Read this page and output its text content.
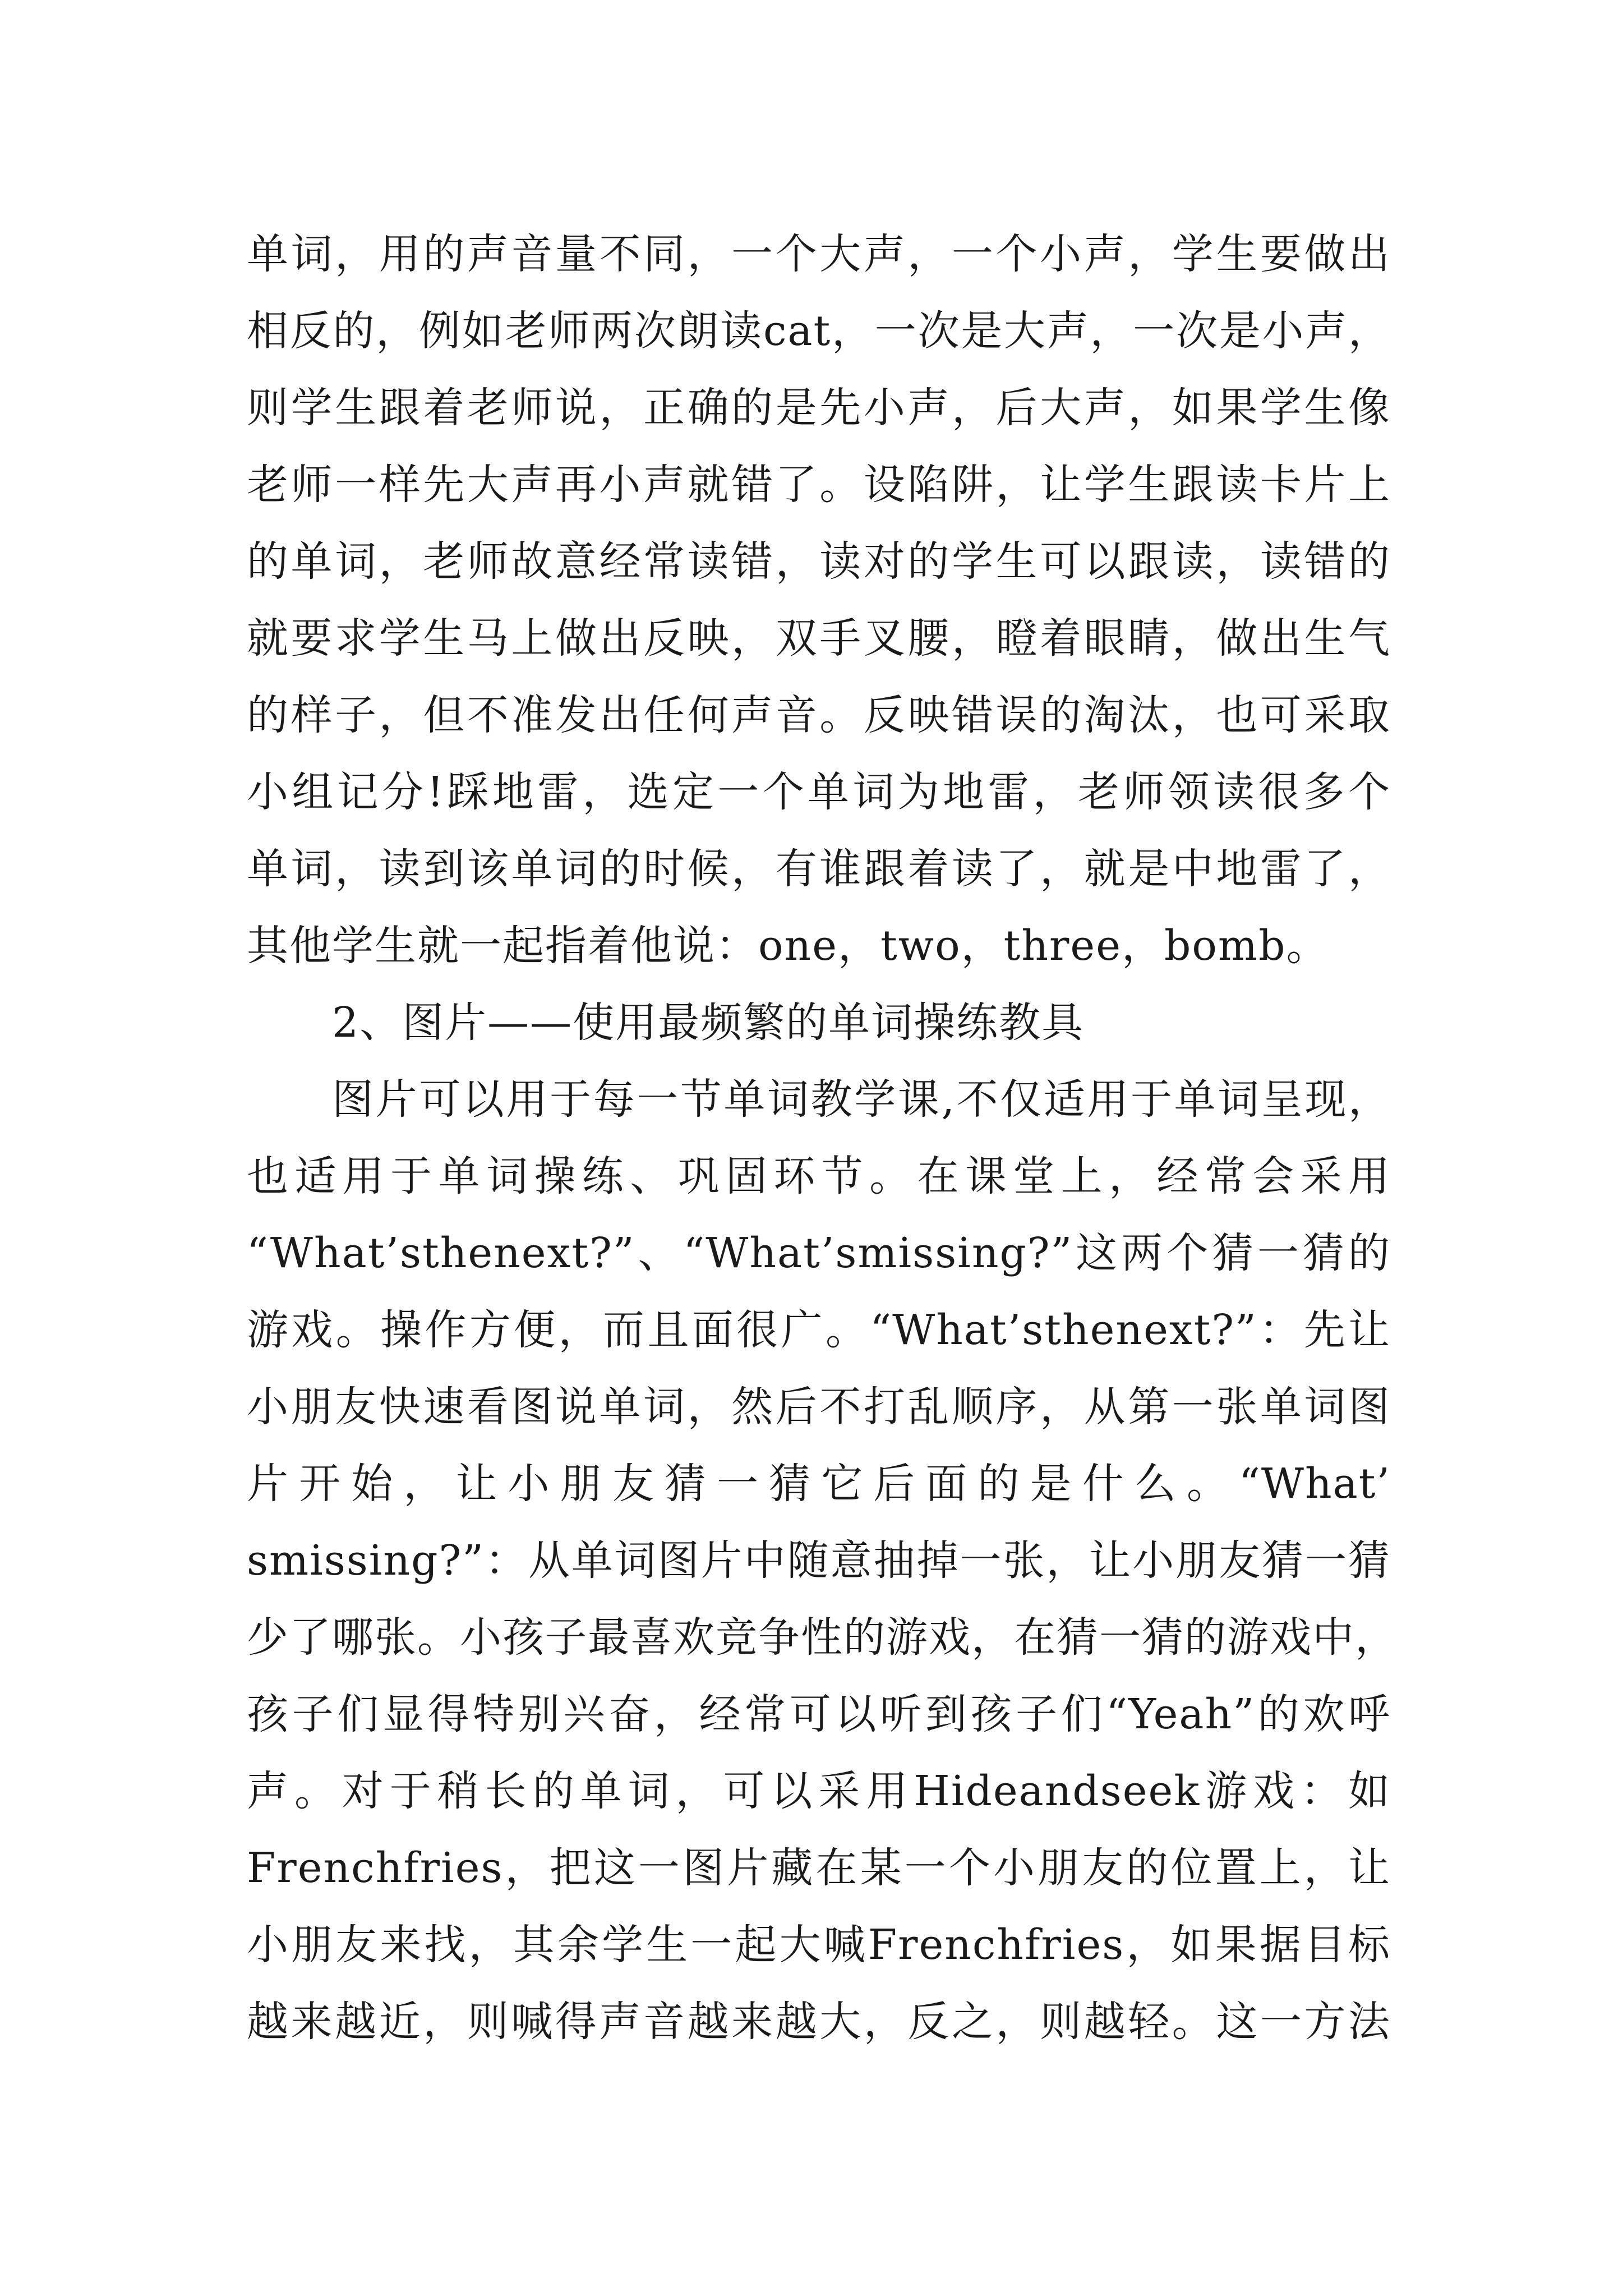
单词，用的声音量不同，一个大声，一个小声，学生要做出
相反的，例如老师两次朗读cat，一次是大声，一次是小声，
则学生跟着老师说，正确的是先小声，后大声，如果学生像
老师一样先大声再小声就错了。设陷阱，让学生跟读卡片上
的单词，老师故意经常读错，读对的学生可以跟读，读错的
就要求学生马上做出反映，双手叉腰，瞪着眼睛，做出生气
的样子，但不准发出任何声音。反映错误的淘汰，也可采取
小组记分!踩地雷，选定一个单词为地雷，老师领读很多个
单词，读到该单词的时候，有谁跟着读了，就是中地雷了，
其他学生就一起指着他说：one，two，three，bomb。
2、图片——使用最频繁的单词操练教具
图片可以用于每一节单词教学课,不仅适用于单词呈现，
也适用于单词操练、巩固环节。在课堂上，经常会采用
“What’sthenext?”、“What’smissing?”这两个猜一猜的
游戏。操作方便，而且面很广。“What’sthenext?”：先让
小朋友快速看图说单词，然后不打乱顺序，从第一张单词图
片开始，让小朋友猜一猜它后面的是什么。“What’
smissing?”：从单词图片中随意抽掉一张，让小朋友猜一猜
少了哪张。小孩子最喜欢竞争性的游戏，在猜一猜的游戏中，
孩子们显得特别兴奋，经常可以听到孩子们“Yeah”的欢呼
声。对于稍长的单词，可以采用Hideandseek游戏：如
Frenchfries，把这一图片藏在某一个小朋友的位置上，让
小朋友来找，其余学生一起大喊Frenchfries，如果据目标
越来越近，则喊得声音越来越大，反之，则越轻。这一方法
